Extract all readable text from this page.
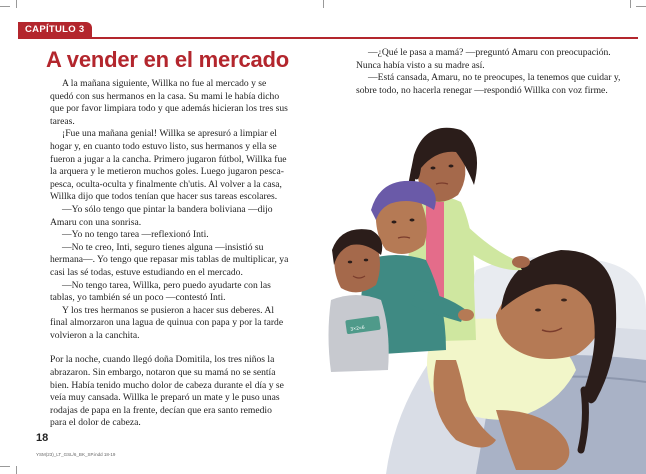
CAPÍTULO 3
A vender en el mercado

A la mañana siguiente, Willka no fue al mercado y se quedó con sus hermanos en la casa. Su mami le había dicho que por favor limpiara todo y que además hicieran los tres sus tareas.

¡Fue una mañana genial! Willka se apresuró a limpiar el hogar y, en cuanto todo estuvo listo, sus hermanos y ella se fueron a jugar a la cancha. Primero jugaron fútbol, Willka fue la arquera y le metieron muchos goles. Luego jugaron pesca-pesca, oculta-oculta y finalmente ch'utis. Al volver a la casa, Willka dijo que todos tenían que hacer sus tareas escolares.

—Yo sólo tengo que pintar la bandera boliviana —dijo Amaru con una sonrisa.

—Yo no tengo tarea —reflexionó Inti.

—No te creo, Inti, seguro tienes alguna —insistió su hermana—. Yo tengo que repasar mis tablas de multiplicar, ya casi las sé todas, estuve estudiando en el mercado.

—No tengo tarea, Willka, pero puedo ayudarte con las tablas, yo también sé un poco —contestó Inti.

Y los tres hermanos se pusieron a hacer sus deberes. Al final almorzaron una lagua de quinua con papa y por la tarde volvieron a la canchita.

Por la noche, cuando llegó doña Domitila, los tres niños la abrazaron. Sin embargo, notaron que su mamá no se sentía bien. Había tenido mucho dolor de cabeza durante el día y se veía muy cansada. Willka le preparó un mate y le puso unas rodajas de papa en la frente, decían que era santo remedio para el dolor de cabeza.

—¿Qué le pasa a mamá? —preguntó Amaru con preocupación. Nunca había visto a su madre así.

—Está cansada, Amaru, no te preocupes, la tenemos que cuidar y, sobre todo, no hacerla renegar —respondió Willka con voz firme.

3×2=6
18
YSM(23)_LT_GSL/6_BK_SP.indd 18-19
